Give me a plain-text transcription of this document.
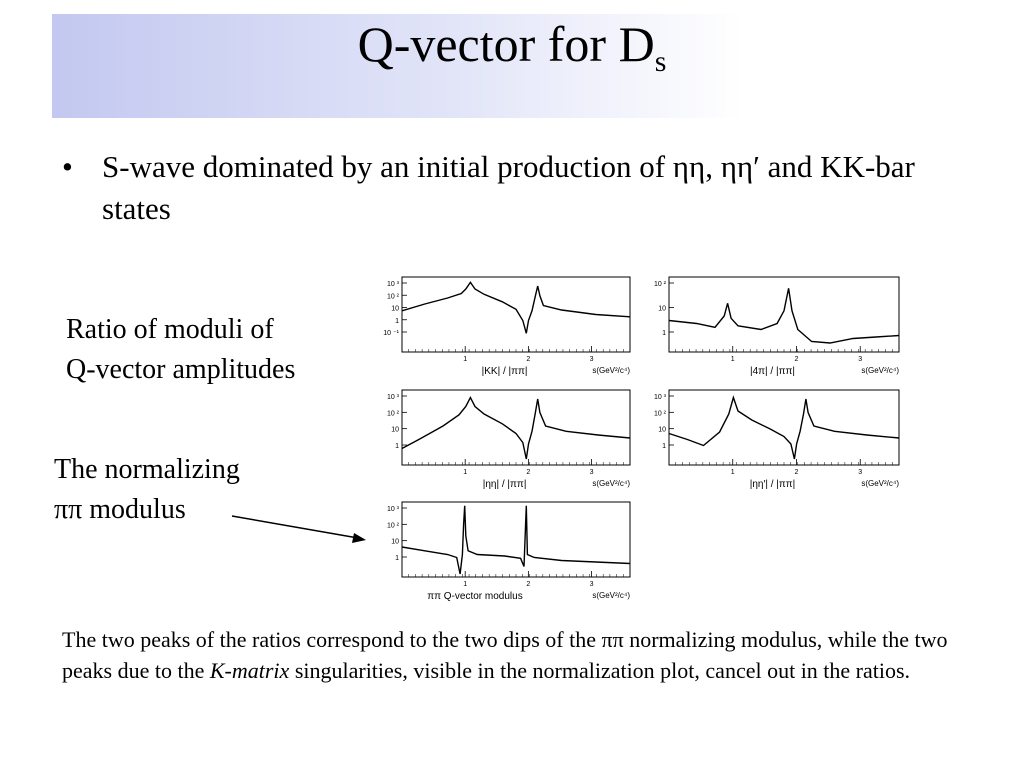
Q-vector for $D_s$
• S-wave dominated by an initial production of ηη, ηη′ and KK-bar states
Ratio of moduli of
Q-vector amplitudes
The normalizing
ππ modulus
10 ³
10 ²
10
1
10 ⁻¹
1	2	3
|KK| / |ππ|	s(GeV²/c⁴)
10 ²
10
1
1	2	3
|4π| / |ππ|	s(GeV²/c⁴)
10 ³
10 ²
10
1
1	2	3
|ηη| / |ππ|	s(GeV²/c⁴)
10 ³
10 ²
10
1
1	2	3
|ηη′| / |ππ|	s(GeV²/c⁴)
10 ³
10 ²
10
1
1	2	3
ππ Q-vector modulus	s(GeV²/c⁴)
The two peaks of the ratios correspond to the two dips of the ππ normalizing modulus, while the two peaks due to the K-matrix singularities, visible in the normalization plot, cancel out in the ratios.
